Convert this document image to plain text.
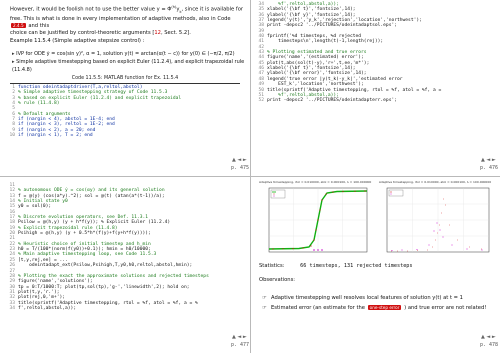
However, it would be foolish not to use the better value $y = \Phi^{(h)}y_k$, since it is available for
free. This is what is done in every implementation of adaptive methods, also in Code 2.4.5 and this
choice can be justified by control-theoretic arguments [12, Sect. 5.2].
Example 11.5.4 (Simple adaptive stepsize control) :
▸ IVP for ODE ẏ = cos(sin y)², α = 1, solution y(t) = arctan(α(t − c)) for y(0) ∈ (−π/2, π/2)
▸ Simple adaptive timestepping based on explicit Euler (11.2.4), and explicit trapezoidal rule (11.4.8)
Code 11.5.5: MATLAB function for Ex. 11.5.4
1 function odeintadaptdriver(T,a,reltol,abstol)
2 % Simple adaptive timestepping strategy of Code 11.5.3
3 % based on explicit Euler (11.2.4) and explicit trapezoidal
4 % rule (11.4.8)
5
6 % Default arguments
7 if (nargin < 4), abstol = 1E-4; end
8 if (nargin < 3), reltol = 1E-2; end
9 if (nargin < 2), a = 20; end
10 if (nargin < 1), T = 2; end
▲ ◄ ►
p. 475
34    %f',reltol,abstol,a));
35 xlabel('{\bf t}','fontsize',14);
36 ylabel('{\bf y}','fontsize',14);
37 legend('y(t)','y_k','rejection','location','northwest');
38 print -depsc2 '../PICTURES/odeintadaptsol.eps';
39
40 fprintf('%d timesteps, %d rejected
41    timesteps\n',length(t)-1,length(rej));
42
43 % Plotting estimated and true errors
44 figure('name','(estimated) error');
45 plot(t,abs(sol(t)-y),'r+',t,ee,'m*');
46 xlabel('{\bf t}','fontsize',14);
47 ylabel('{\bf error}','fontsize',14);
48 legend('true error |y(t_k)-y_k|','estimated error
49    EST_k','location','northwest');
50 title(sprintf('Adaptive timestepping, rtol = %f, atol = %f, a =
51    %f',reltol,abstol,a));
52 print -depsc2 '../PICTURES/odeintadapterr.eps';
▲ ◄ ►
p. 476
11
12 % autonomous ODE ẏ = cos(αy) and its general solution
13 f = @(y) (cos(a*y).^2); sol = @(t) (atan(a*(t-1))/a);
14 % Initial state y0
15 y0 = sol(0);
16
17 % Discrete evolution operators, see Def. 11.3.1
18 Psilow = @(h,y) (y + h*f(y)); % Explicit Euler (11.2.4)
19 % Explicit trapezoidal rule (11.4.8)
20 Psihigh = @(h,y) (y + 0.5*h*(f(y)+f(y+h*f(y))));
21
22 % Heuristic choice of initial timestep and h_min
23 h0 = T/(100*(norm(f(y0))+0.1)); hmin = h0/10000;
24 % Main adaptive timestepping loop, see Code 11.5.3
25 [t,y,rej,ee] = ...
26    odeintadapt_ext(Psilow,Psihigh,T,y0,h0,reltol,abstol,hmin);
27
28 % Plotting the exact the approximate solutions and rejected timesteps
29 figure('name','solutions');
30 tp = 0:T/1000:T; plot(tp,sol(tp),'g-','linewidth',2); hold on;
31 plot(t,y,'r.');
32 plot(rej,0,'m+');
33 title(sprintf('Adaptive timestepping, rtol = %f, atol = %f, a = %
34 f',reltol,abstol,a));
▲ ◄ ►
p. 477
Adaptive timestepping, rtol = 0.010000, atol = 0.000100, λ = 100.000000	Adaptive timestepping, rtol = 0.010000, atol = 0.000100, λ = 100.000000
Statistics:	66 timesteps, 131 rejected timesteps
Observations:
☞ Adaptive timestepping well resolves local features of solution y(t) at t = 1
☞ Estimated error (an estimate for the one-step error ) and true error are not related!
▲ ◄ ►
p. 478
